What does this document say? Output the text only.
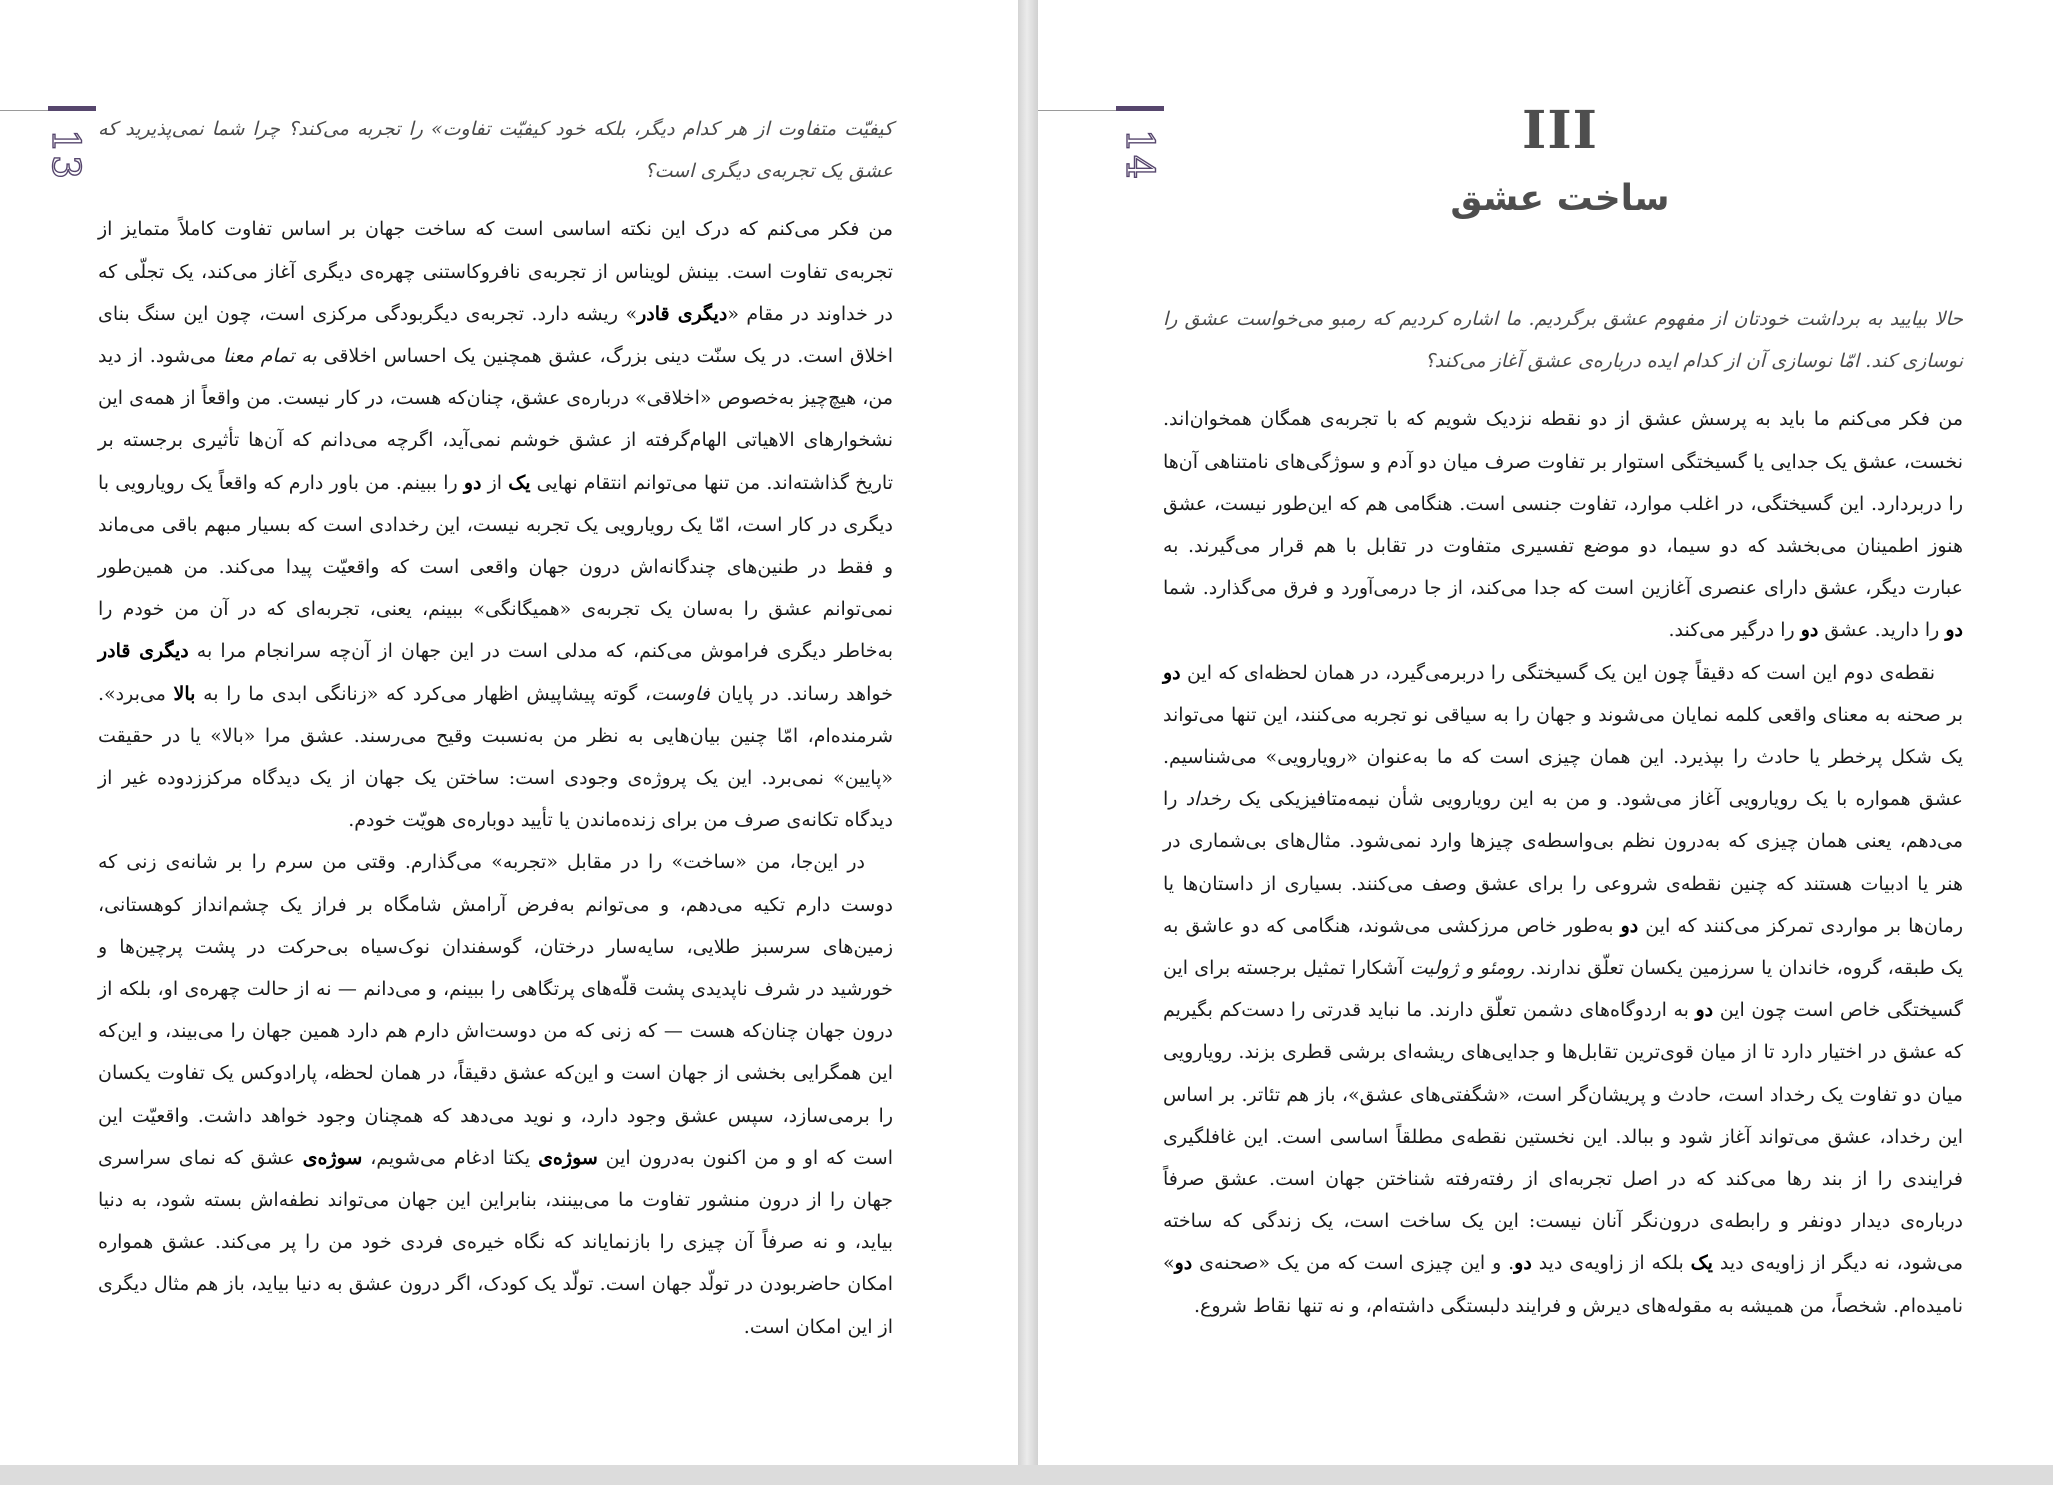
13 کیفیّت متفاوت از هر کدام دیگر، بلکه خود کیفیّت تفاوت» را تجربه می‌کند؟ چرا شما نمی‌پذیرید که عشق یک تجربه‌ی دیگری است؟

من فکر می‌کنم که درک این نکته اساسی است که ساخت جهان بر اساس تفاوت کاملاً متمایز از تجربه‌ی تفاوت است. بینش لویناس از تجربه‌ی نافروکاستنی چهره‌ی دیگری آغاز می‌کند، یک تجلّی که در خداوند در مقام «دیگری قادر» ریشه دارد. تجربه‌ی دیگربودگی مرکزی است، چون این سنگ بنای اخلاق است. در یک سنّت دینی بزرگ، عشق همچنین یک احساس اخلاقی به تمام معنا می‌شود. از دید من، هیچ‌چیز به‌خصوص «اخلاقی» درباره‌ی عشق، چنان‌که هست، در کار نیست. من واقعاً از همه‌ی این نشخوارهای الاهیاتی الهام‌گرفته از عشق خوشم نمی‌آید، اگرچه می‌دانم که آن‌ها تأثیری برجسته بر تاریخ گذاشته‌اند. من تنها می‌توانم انتقام نهایی یک از دو را ببینم. من باور دارم که واقعاً یک رویارویی با دیگری در کار است، امّا یک رویارویی یک تجربه نیست، این رخدادی است که بسیار مبهم باقی می‌ماند و فقط در طنین‌های چندگانه‌اش درون جهان واقعی است که واقعیّت پیدا می‌کند. من همین‌طور نمی‌توانم عشق را به‌سان یک تجربه‌ی «همیگانگی» ببینم، یعنی، تجربه‌ای که در آن من خودم را به‌خاطر دیگری فراموش می‌کنم، که مدلی است در این جهان از آن‌چه سرانجام مرا به دیگری قادر خواهد رساند. در پایان فاوست، گوته پیشاپیش اظهار می‌کرد که «زنانگی ابدی ما را به بالا می‌برد». شرمنده‌ام، امّا چنین بیان‌هایی به نظر من به‌نسبت وقیح می‌رسند. عشق مرا «بالا» یا در حقیقت «پایین» نمی‌برد. این یک پروژه‌ی وجودی است: ساختن یک جهان از یک دیدگاه مرکززدوده غیر از دیدگاه تکانه‌ی صرف من برای زنده‌ماندن یا تأیید دوباره‌ی هویّت خودم.

در این‌جا، من «ساخت» را در مقابل «تجربه» می‌گذارم. وقتی من سرم را بر شانه‌ی زنی که دوست دارم تکیه می‌دهم، و می‌توانم به‌فرض آرامش شامگاه بر فراز یک چشم‌انداز کوهستانی، زمین‌های سرسبز طلایی، سایه‌سار درختان، گوسفندان نوک‌سیاه بی‌حرکت در پشت پرچین‌ها و خورشید در شرف ناپدیدی پشت قلّه‌های پرتگاهی را ببینم، و می‌دانم — نه از حالت چهره‌ی او، بلکه از درون جهان چنان‌که هست — که زنی که من دوست‌اش دارم هم دارد همین جهان را می‌بیند، و این‌که این همگرایی بخشی از جهان است و این‌که عشق دقیقاً، در همان لحظه، پارادوکس یک تفاوت یکسان را برمی‌سازد، سپس عشق وجود دارد، و نوید می‌دهد که همچنان وجود خواهد داشت. واقعیّت این است که او و من اکنون به‌درون این سوژه‌ی یکتا ادغام می‌شویم، سوژه‌ی عشق که نمای سراسری جهان را از درون منشور تفاوت ما می‌بینند، بنابراین این جهان می‌تواند نطفه‌اش بسته شود، به دنیا بیاید، و نه صرفاً آن چیزی را بازنمایاند که نگاه خیره‌ی فردی خود من را پر می‌کند. عشق همواره امکان حاضربودن در تولّد جهان است. تولّد یک کودک، اگر درون عشق به دنیا بیاید، باز هم مثال دیگری از این امکان است.

14	III
ساخت عشق

حالا بیایید به برداشت خودتان از مفهوم عشق برگردیم. ما اشاره کردیم که رمبو می‌خواست عشق را نوسازی کند. امّا نوسازی آن از کدام ایده درباره‌ی عشق آغاز می‌کند؟

من فکر می‌کنم ما باید به پرسش عشق از دو نقطه نزدیک شویم که با تجربه‌ی همگان همخوان‌اند. نخست، عشق یک جدایی یا گسیختگی استوار بر تفاوت صرف میان دو آدم و سوژگی‌های نامتناهی آن‌ها را دربردارد. این گسیختگی، در اغلب موارد، تفاوت جنسی است. هنگامی هم که این‌طور نیست، عشق هنوز اطمینان می‌بخشد که دو سیما، دو موضع تفسیری متفاوت در تقابل با هم قرار می‌گیرند. به عبارت دیگر، عشق دارای عنصری آغازین است که جدا می‌کند، از جا درمی‌آورد و فرق می‌گذارد. شما دو را دارید. عشق دو را درگیر می‌کند.

نقطه‌ی دوم این است که دقیقاً چون این یک گسیختگی را دربرمی‌گیرد، در همان لحظه‌ای که این دو بر صحنه به معنای واقعی کلمه نمایان می‌شوند و جهان را به سیاقی نو تجربه می‌کنند، این تنها می‌تواند یک شکل پرخطر یا حادث را بپذیرد. این همان چیزی است که ما به‌عنوان «رویارویی» می‌شناسیم. عشق همواره با یک رویارویی آغاز می‌شود. و من به این رویارویی شأن نیمه‌متافیزیکی یک رخداد را می‌دهم، یعنی همان چیزی که به‌درون نظم بی‌واسطه‌ی چیزها وارد نمی‌شود. مثال‌های بی‌شماری در هنر یا ادبیات هستند که چنین نقطه‌ی شروعی را برای عشق وصف می‌کنند. بسیاری از داستان‌ها یا رمان‌ها بر مواردی تمرکز می‌کنند که این دو به‌طور خاص مرزکشی می‌شوند، هنگامی که دو عاشق به یک طبقه، گروه، خاندان یا سرزمین یکسان تعلّق ندارند. رومئو و ژولیت آشکارا تمثیل برجسته برای این گسیختگی خاص است چون این دو به اردوگاه‌های دشمن تعلّق دارند. ما نباید قدرتی را دست‌کم بگیریم که عشق در اختیار دارد تا از میان قوی‌ترین تقابل‌ها و جدایی‌های ریشه‌ای برشی قطری بزند. رویارویی میان دو تفاوت یک رخداد است، حادث و پریشان‌گر است، «شگفتی‌های عشق»، باز هم تئاتر. بر اساس این رخداد، عشق می‌تواند آغاز شود و ببالد. این نخستین نقطه‌ی مطلقاً اساسی است. این غافلگیری فرایندی را از بند رها می‌کند که در اصل تجربه‌ای از رفته‌رفته شناختن جهان است. عشق صرفاً درباره‌ی دیدار دونفر و رابطه‌ی درون‌نگر آنان نیست: این یک ساخت است، یک زندگی که ساخته می‌شود، نه دیگر از زاویه‌ی دید یک بلکه از زاویه‌ی دید دو. و این چیزی است که من یک «صحنه‌ی دو» نامیده‌ام. شخصاً، من همیشه به مقوله‌های دیرش و فرایند دلبستگی داشته‌ام، و نه تنها نقاط شروع.
